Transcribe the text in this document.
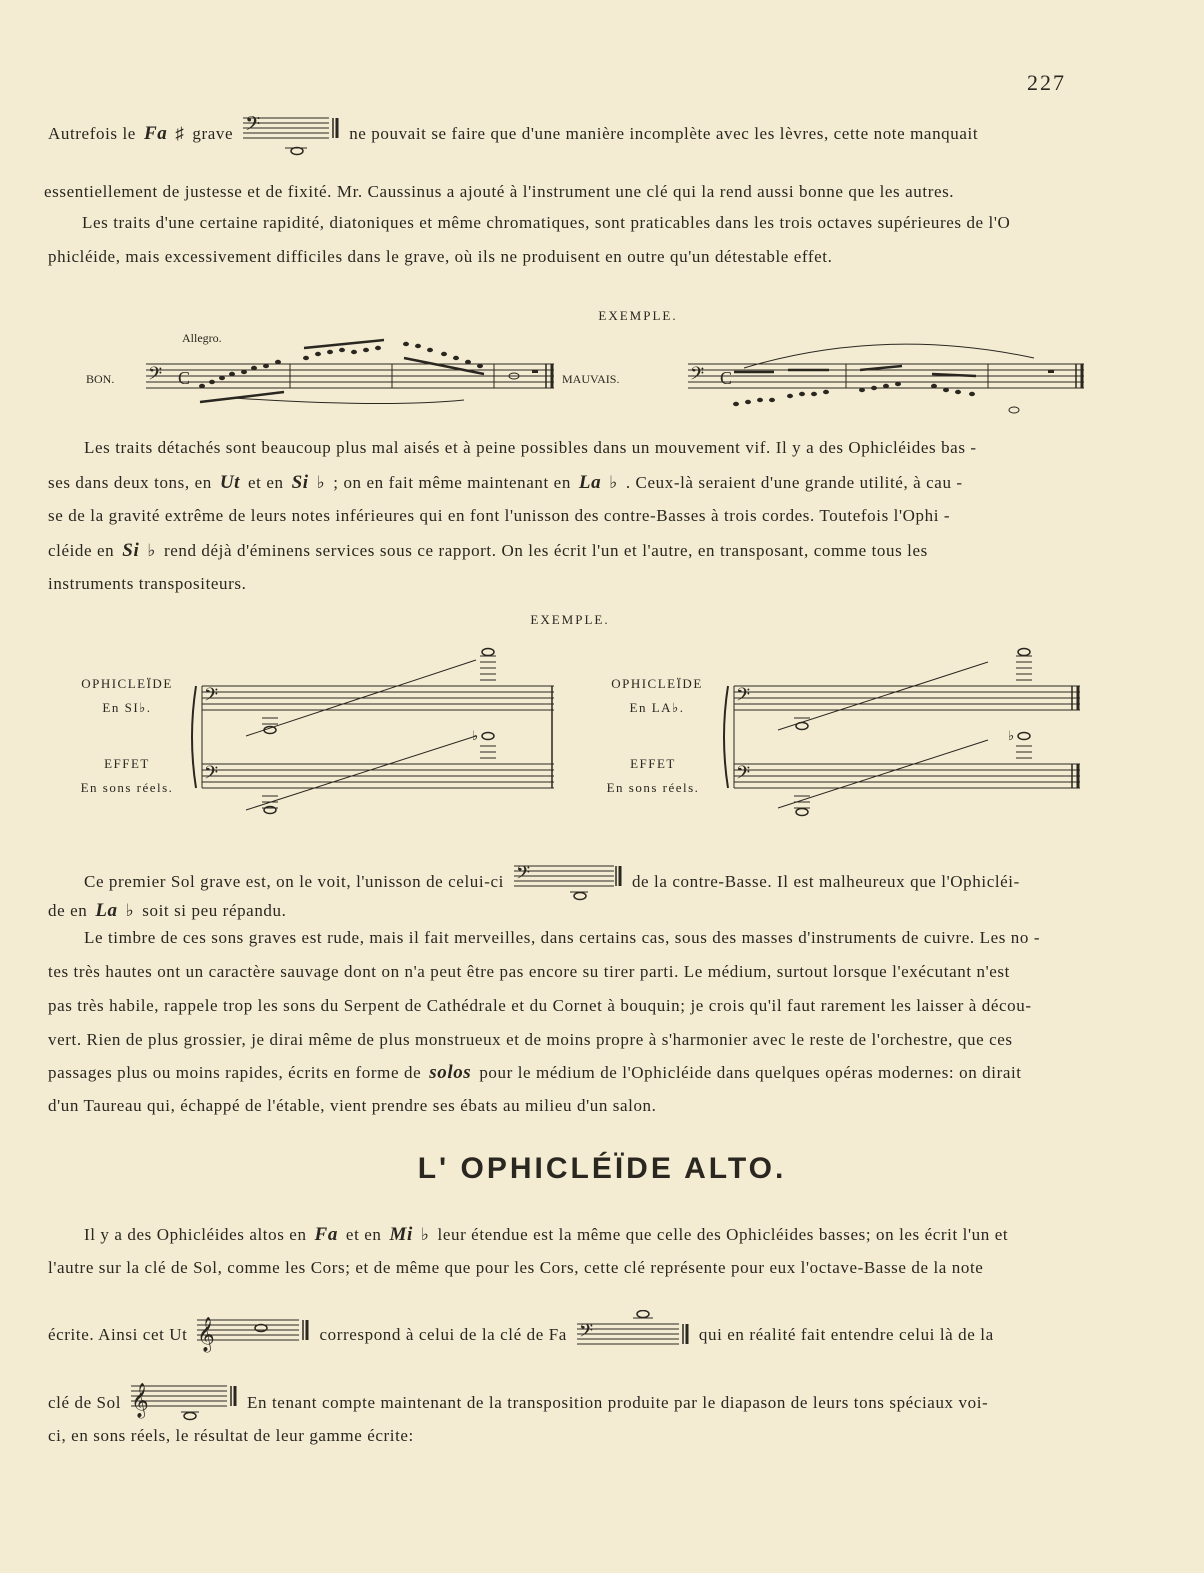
227
Autrefois le Fa ♯ grave 𝄢	ne pouvait se faire que d'une manière incomplète avec les lèvres, cette note manquait
essentiellement de justesse et de fixité. Mr. Caussinus a ajouté à l'instrument une clé qui la rend aussi bonne que les autres.
Les traits d'une certaine rapidité, diatoniques et même chromatiques, sont praticables dans les trois octaves supérieures de l'O
phicléide, mais excessivement difficiles dans le grave, où ils ne produisent en outre qu'un détestable effet.
EXEMPLE.
Allegro.
BON. 𝄢 C	MAUVAIS.	𝄢 C
Les traits détachés sont beaucoup plus mal aisés et à peine possibles dans un mouvement vif. Il y a des Ophicléides bas -
ses dans deux tons, en Ut et en Si ♭ ; on en fait même maintenant en La ♭ . Ceux-là seraient d'une grande utilité, à cau -
se de la gravité extrême de leurs notes inférieures qui en font l'unisson des contre-Basses à trois cordes. Toutefois l'Ophi -
cléide en Si ♭ rend déjà d'éminens services sous ce rapport. On les écrit l'un et l'autre, en transposant, comme tous les
instruments transpositeurs.
EXEMPLE.
OPHICLEÏDE
En SI♭.
EFFET
En sons réels.
OPHICLEÏDE
En LA♭.
EFFET
En sons réels.
𝄢
𝄢
♭
𝄢
𝄢
♭
Ce premier Sol grave est, on le voit, l'unisson de celui-ci 𝄢	de la contre-Basse. Il est malheureux que l'Ophicléi-
de en La ♭ soit si peu répandu.
Le timbre de ces sons graves est rude, mais il fait merveilles, dans certains cas, sous des masses d'instruments de cuivre. Les no -
tes très hautes ont un caractère sauvage dont on n'a peut être pas encore su tirer parti. Le médium, surtout lorsque l'exécutant n'est
pas très habile, rappele trop les sons du Serpent de Cathédrale et du Cornet à bouquin; je crois qu'il faut rarement les laisser à décou-
vert. Rien de plus grossier, je dirai même de plus monstrueux et de moins propre à s'harmonier avec le reste de l'orchestre, que ces
passages plus ou moins rapides, écrits en forme de solos pour le médium de l'Ophicléide dans quelques opéras modernes: on dirait
d'un Taureau qui, échappé de l'étable, vient prendre ses ébats au milieu d'un salon.
L' OPHICLÉÏDE ALTO.
Il y a des Ophicléides altos en Fa et en Mi ♭ leur étendue est la même que celle des Ophicléides basses; on les écrit l'un et
l'autre sur la clé de Sol, comme les Cors; et de même que pour les Cors, cette clé représente pour eux l'octave-Basse de la note
écrite. Ainsi cet Ut 𝄞	correspond à celui de la clé de Fa 𝄢	qui en réalité fait entendre celui là de la
clé de Sol 𝄞	En tenant compte maintenant de la transposition produite par le diapason de leurs tons spéciaux voi-
ci, en sons réels, le résultat de leur gamme écrite:
